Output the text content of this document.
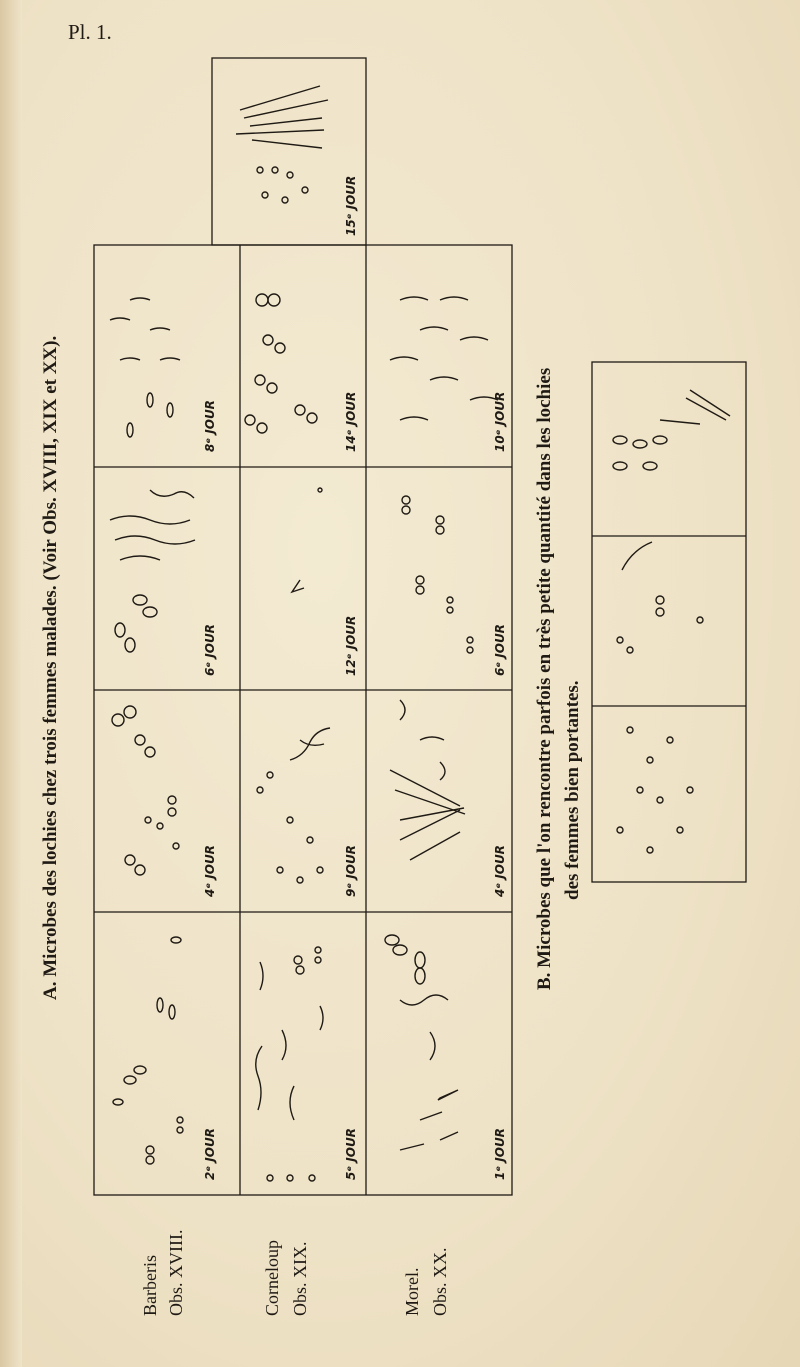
Pl. 1.
A. Microbes des lochies chez trois femmes malades. (Voir Obs. XVIII, XIX et XX).	B. Microbes que l'on rencontre parfois en très petite quantité dans les lochies des femmes bien portantes.
Barberis Obs. XVIII.	Corneloup Obs. XIX.	Morel. Obs. XX.
2ᵉ JOUR
4ᵉ JOUR
6ᵉ JOUR
8ᵉ JOUR
5ᵉ JOUR
9ᵉ JOUR
12ᵉ JOUR
14ᵉ JOUR
15ᵉ JOUR
1ᵉ JOUR
4ᵉ JOUR
6ᵉ JOUR
10ᵉ JOUR
